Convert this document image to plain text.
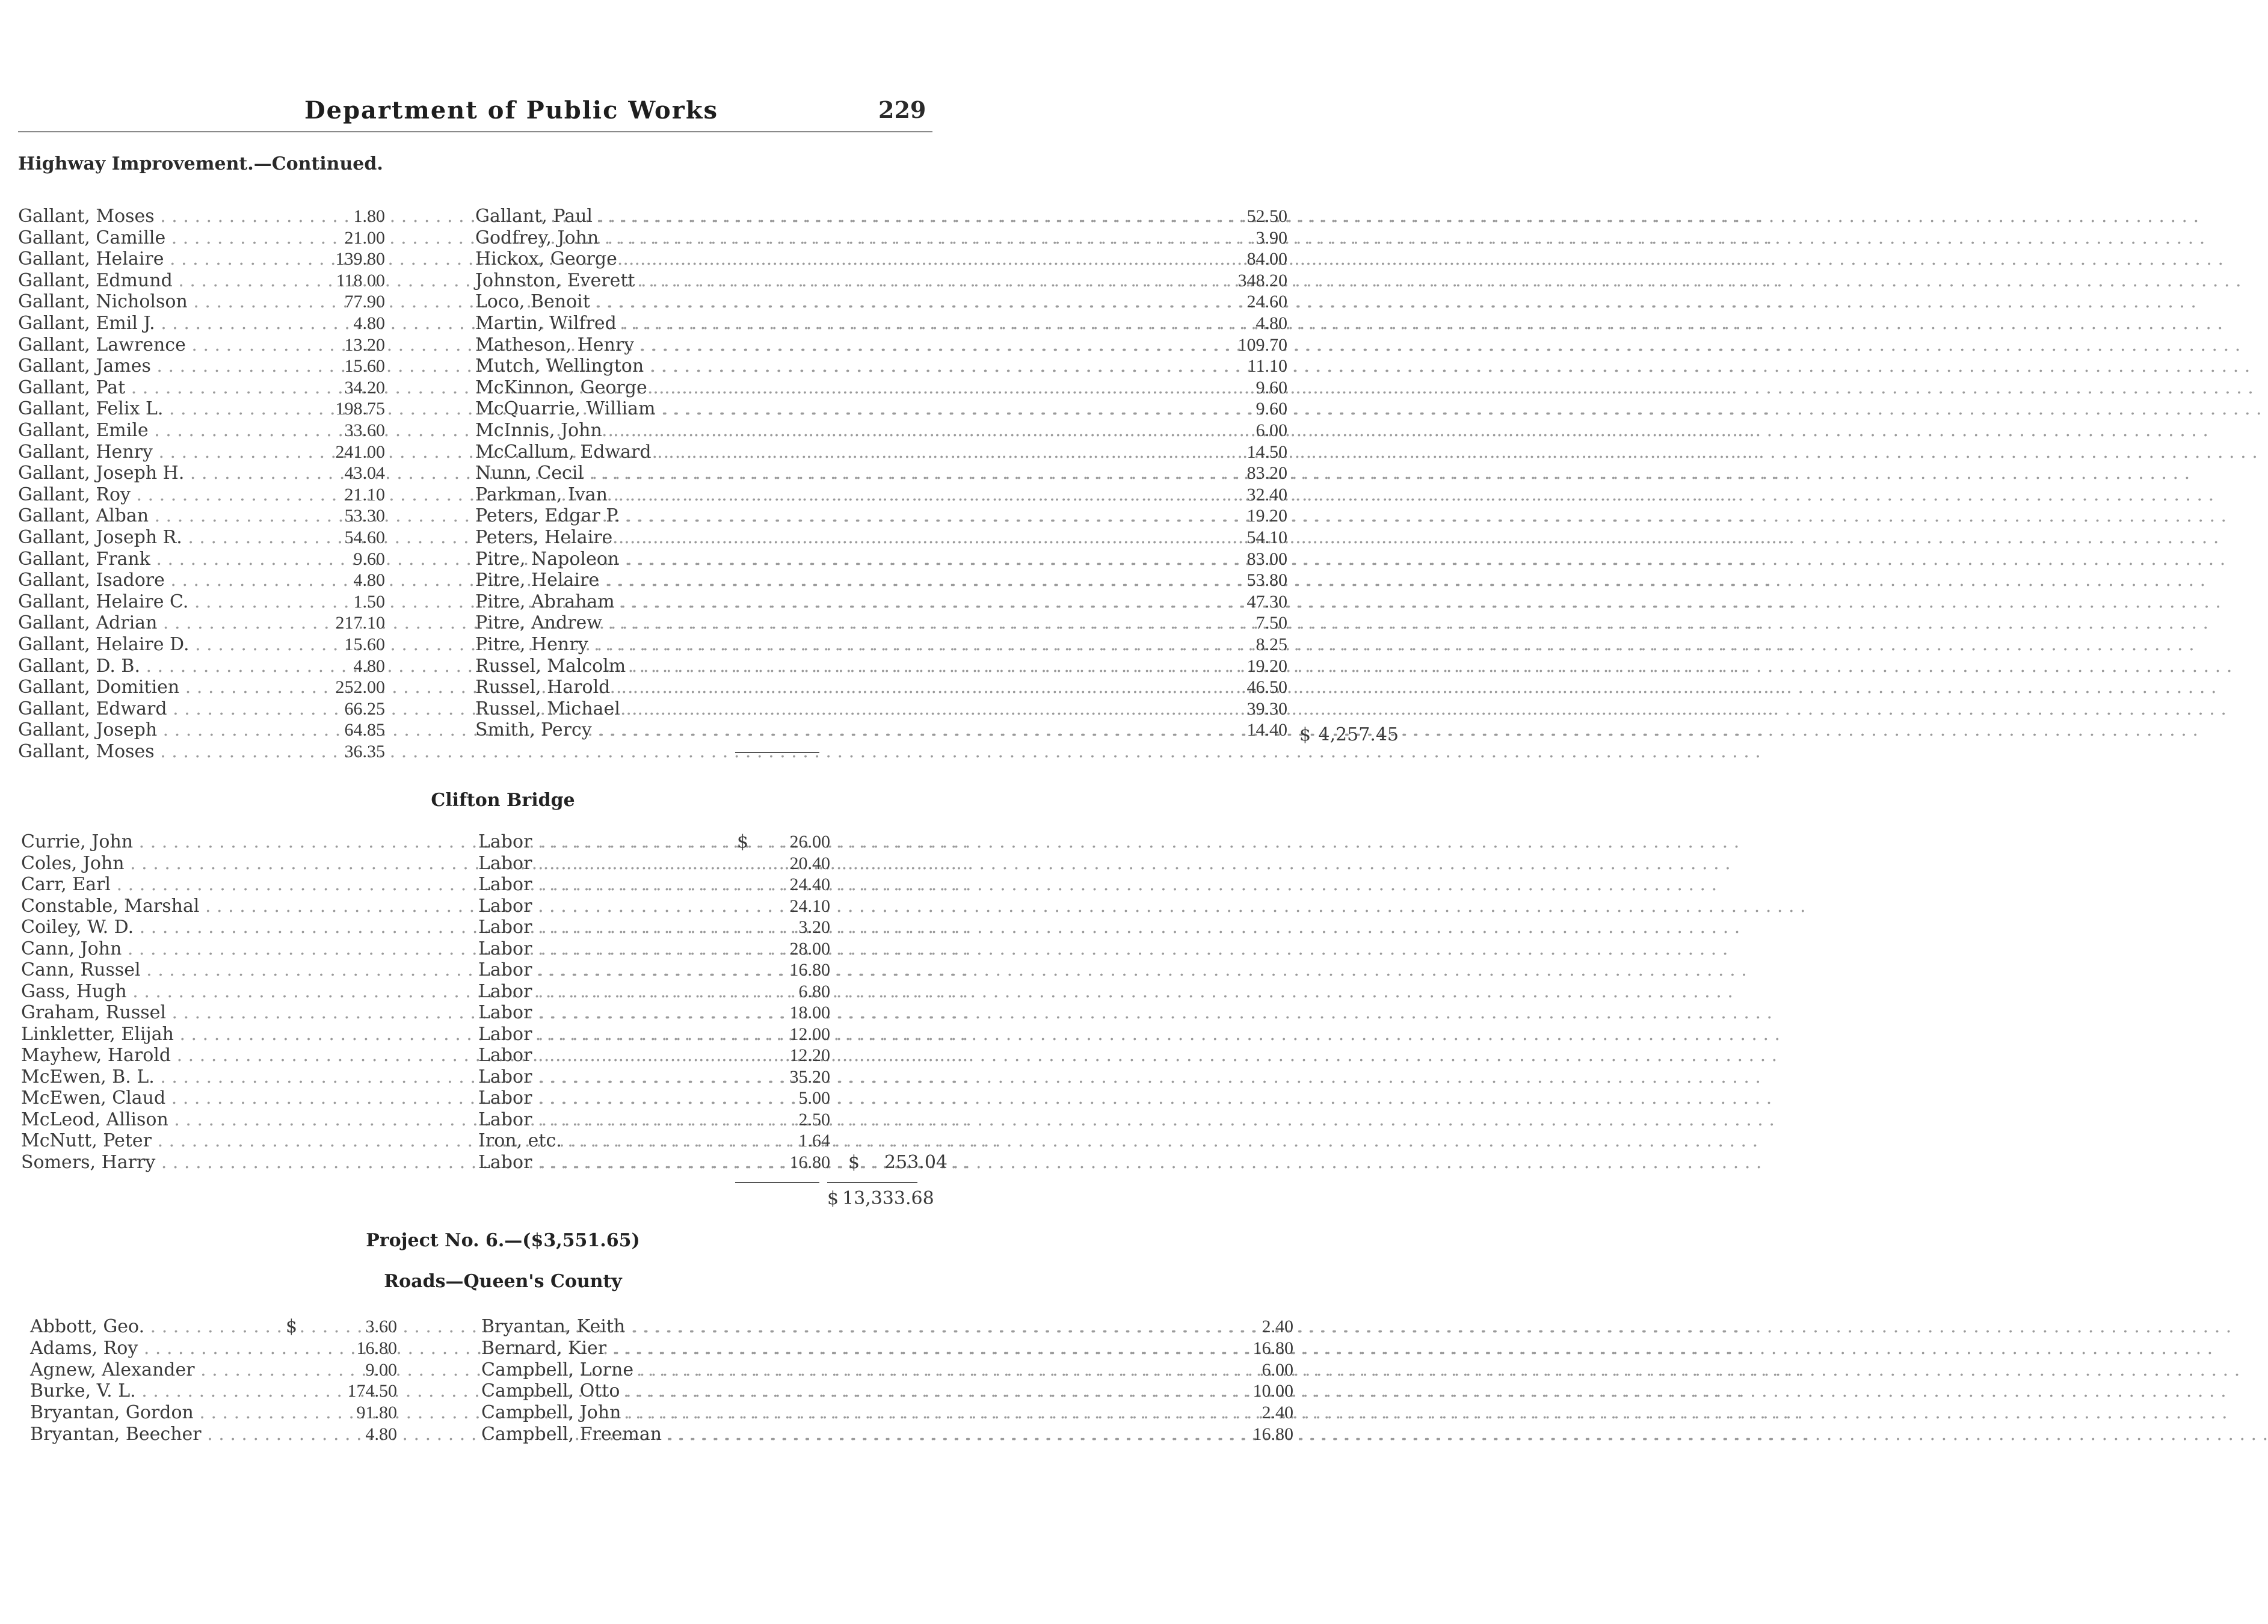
Department of Public Works	229
Highway Improvement.—Continued.
Gallant, Moses . . .	1.80
Gallant, Camille . . .	21.00
Gallant, Helaire . . .	139.80
Gallant, Edmund . . .	118 00
Gallant, Nicholson . . .	77.90
Gallant, Emil J. . . .	4.80
Gallant, Lawrence . . .	13.20
Gallant, James . . .	15.60
Gallant, Pat . . .	34.20
Gallant, Felix L. . . .	198.75
Gallant, Emile . . .	33.60
Gallant, Henry . . .	241.00
Gallant, Joseph H. . . .	43.04
Gallant, Roy . . .	21.10
Gallant, Alban . . .	53.30
Gallant, Joseph R. . . .	54.60
Gallant, Frank . . .	9.60
Gallant, Isadore . . .	4.80
Gallant, Helaire C. . . .	1.50
Gallant, Adrian . . .	217.10
Gallant, Helaire D. . . .	15.60
Gallant, D. B. . . .	4.80
Gallant, Domitien . . .	252.00
Gallant, Edward . . .	66.25
Gallant, Joseph . . .	64.85
Gallant, Moses . . .	36.35
Gallant, Paul . . .	52.50
Godfrey, John . . .	3.90
Hickox, George . . .	84.00
Johnston, Everett . . .	348.20
Loco, Benoit . . .	24.60
Martin, Wilfred . . .	4.80
Matheson, Henry . . .	109.70
Mutch, Wellington . . .	11.10
McKinnon, George . . .	9.60
McQuarrie, William . . .	9.60
McInnis, John . . .	6.00
McCallum, Edward . . .	14.50
Nunn, Cecil . . .	83.20
Parkman, Ivan . . .	32.40
Peters, Edgar P. . . .	19.20
Peters, Helaire . . .	54.10
Pitre, Napoleon . . .	83.00
Pitre, Helaire . . .	53.80
Pitre, Abraham . . .	47.30
Pitre, Andrew . . .	7.50
Pitre, Henry . . .	8.25
Russel, Malcolm . . .	19.20
Russel, Harold . . .	46.50
Russel, Michael . . .	39.30
Smith, Percy . . .	14.40 $ 4,257.45
Clifton Bridge
Currie, John . . .	Labor . . .	$	26.00
Coles, John . . .	Labor . . .	20.40
Carr, Earl . . .	Labor . . .	24.40
Constable, Marshal . . .	Labor . . .	24.10
Coiley, W. D. . . .	Labor . . .	3.20
Cann, John . . .	Labor . . .	28.00
Cann, Russel . . .	Labor . . .	16.80
Gass, Hugh . . .	Labor . . .	6.80
Graham, Russel . . .	Labor . . .	18.00
Linkletter, Elijah . . .	Labor . . .	12.00
Mayhew, Harold . . .	Labor . . .	12.20
McEwen, B. L. . . .	Labor . . .	35.20
McEwen, Claud . . .	Labor . . .	5.00
McLeod, Allison . . .	Labor . . .	2.50
McNutt, Peter . . .	Iron, etc. . . .	1.64
Somers, Harry . . .	Labor . . .	16.80 $	253.04
$ 13,333.68
Project No. 6.—($3,551.65)
Roads—Queen's County
Abbott, Geo. . . .	$	3.60
Adams, Roy . . .	16.80
Agnew, Alexander . . .	9.00
Burke, V. L. . . .	174.50
Bryantan, Gordon . . .	91.80
Bryantan, Beecher . . .	4.80
Bryantan, Keith . . .	2.40
Bernard, Kier . . .	16.80
Campbell, Lorne . . .	6.00
Campbell, Otto . . .	10.00
Campbell, John . . .	2.40
Campbell, Freeman . . .	16.80
